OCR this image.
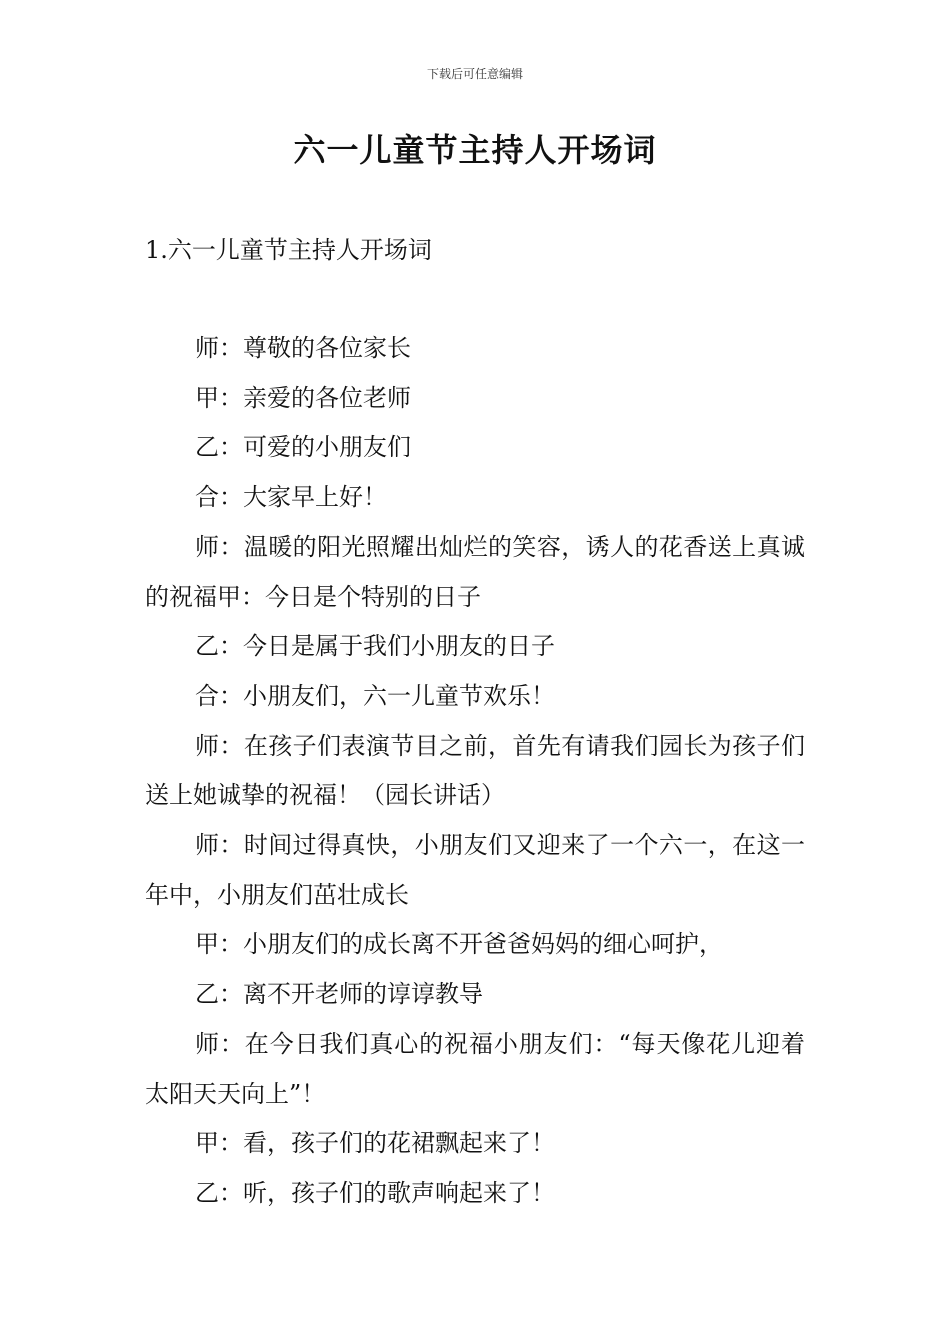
下载后可任意编辑
六一儿童节主持人开场词
1.六一儿童节主持人开场词

师：尊敬的各位家长

甲：亲爱的各位老师

乙：可爱的小朋友们

合：大家早上好！

师：温暖的阳光照耀出灿烂的笑容，诱人的花香送上真诚的祝福甲：今日是个特别的日子

乙：今日是属于我们小朋友的日子

合：小朋友们，六一儿童节欢乐！

师：在孩子们表演节目之前，首先有请我们园长为孩子们送上她诚挚的祝福！（园长讲话）

师：时间过得真快，小朋友们又迎来了一个六一，在这一年中，小朋友们茁壮成长

甲：小朋友们的成长离不开爸爸妈妈的细心呵护，

乙：离不开老师的谆谆教导

师：在今日我们真心的祝福小朋友们：“每天像花儿迎着太阳天天向上”！

甲：看，孩子们的花裙飘起来了！

乙：听，孩子们的歌声响起来了！
